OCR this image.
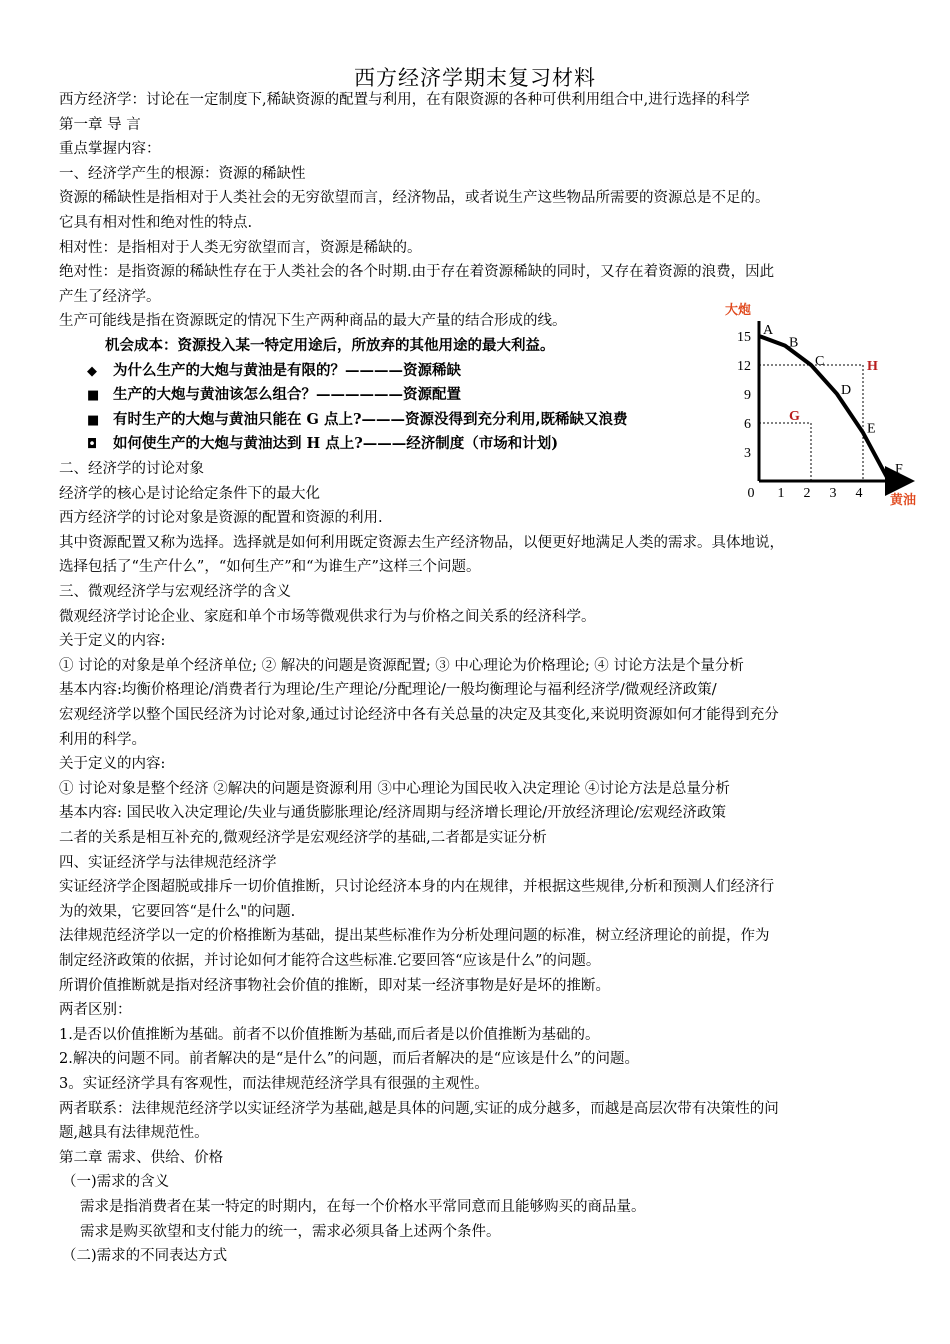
西方经济学期末复习材料
西方经济学：讨论在一定制度下,稀缺资源的配置与利用，在有限资源的各种可供利用组合中,进行选择的科学
第一章 导 言
重点掌握内容：
一、经济学产生的根源：资源的稀缺性
资源的稀缺性是指相对于人类社会的无穷欲望而言，经济物品，或者说生产这些物品所需要的资源总是不足的。
它具有相对性和绝对性的特点.
相对性：是指相对于人类无穷欲望而言，资源是稀缺的。
绝对性：是指资源的稀缺性存在于人类社会的各个时期.由于存在着资源稀缺的同时，又存在着资源的浪费，因此
产生了经济学。
生产可能线是指在资源既定的情况下生产两种商品的最大产量的结合形成的线。
机会成本：资源投入某一特定用途后，所放弃的其他用途的最大利益。
◆ 为什么生产的大炮与黄油是有限的？————资源稀缺
■ 生产的大炮与黄油该怎么组合？——————资源配置
■ 有时生产的大炮与黄油只能在 G 点上?———资源没得到充分利用,既稀缺又浪费
◘ 如何使生产的大炮与黄油达到 H 点上?———经济制度（市场和计划)
二、经济学的讨论对象
经济学的核心是讨论给定条件下的最大化
西方经济学的讨论对象是资源的配置和资源的利用.
其中资源配置又称为选择。选择就是如何利用既定资源去生产经济物品，以便更好地满足人类的需求。具体地说，
选择包括了“生产什么”，“如何生产”和“为谁生产”这样三个问题。
三、微观经济学与宏观经济学的含义
微观经济学讨论企业、家庭和单个市场等微观供求行为与价格之间关系的经济科学。
关于定义的内容:
① 讨论的对象是单个经济单位; ② 解决的问题是资源配置; ③ 中心理论为价格理论; ④ 讨论方法是个量分析
基本内容:均衡价格理论/消费者行为理论/生产理论/分配理论/一般均衡理论与福利经济学/微观经济政策/
宏观经济学以整个国民经济为讨论对象,通过讨论经济中各有关总量的决定及其变化,来说明资源如何才能得到充分
利用的科学。
关于定义的内容:
① 讨论对象是整个经济 ②解决的问题是资源利用 ③中心理论为国民收入决定理论 ④讨论方法是总量分析
基本内容: 国民收入决定理论/失业与通货膨胀理论/经济周期与经济增长理论/开放经济理论/宏观经济政策
二者的关系是相互补充的,微观经济学是宏观经济学的基础,二者都是实证分析
四、实证经济学与法律规范经济学
实证经济学企图超脱或排斥一切价值推断，只讨论经济本身的内在规律，并根据这些规律,分析和预测人们经济行
为的效果，它要回答“是什么"的问题.
法律规范经济学以一定的价格推断为基础，提出某些标准作为分析处理问题的标准，树立经济理论的前提，作为
制定经济政策的依据，并讨论如何才能符合这些标准.它要回答“应该是什么”的问题。
所谓价值推断就是指对经济事物社会价值的推断，即对某一经济事物是好是坏的推断。
两者区别：
1.是否以价值推断为基础。前者不以价值推断为基础,而后者是以价值推断为基础的。
2.解决的问题不同。前者解决的是“是什么”的问题，而后者解决的是“应该是什么”的问题。
3。实证经济学具有客观性，而法律规范经济学具有很强的主观性。
两者联系：法律规范经济学以实证经济学为基础,越是具体的问题,实证的成分越多，而越是高层次带有决策性的问
题,越具有法律规范性。
第二章 需求、供给、价格
（一)需求的含义
需求是指消费者在某一特定的时期内，在每一个价格水平常同意而且能够购买的商品量。
需求是购买欲望和支付能力的统一，需求必须具备上述两个条件。
（二)需求的不同表达方式
大炮
黄油
0 1 2 3 4
3
6
9
12
15 A
B
C
D
E
F
G
H
